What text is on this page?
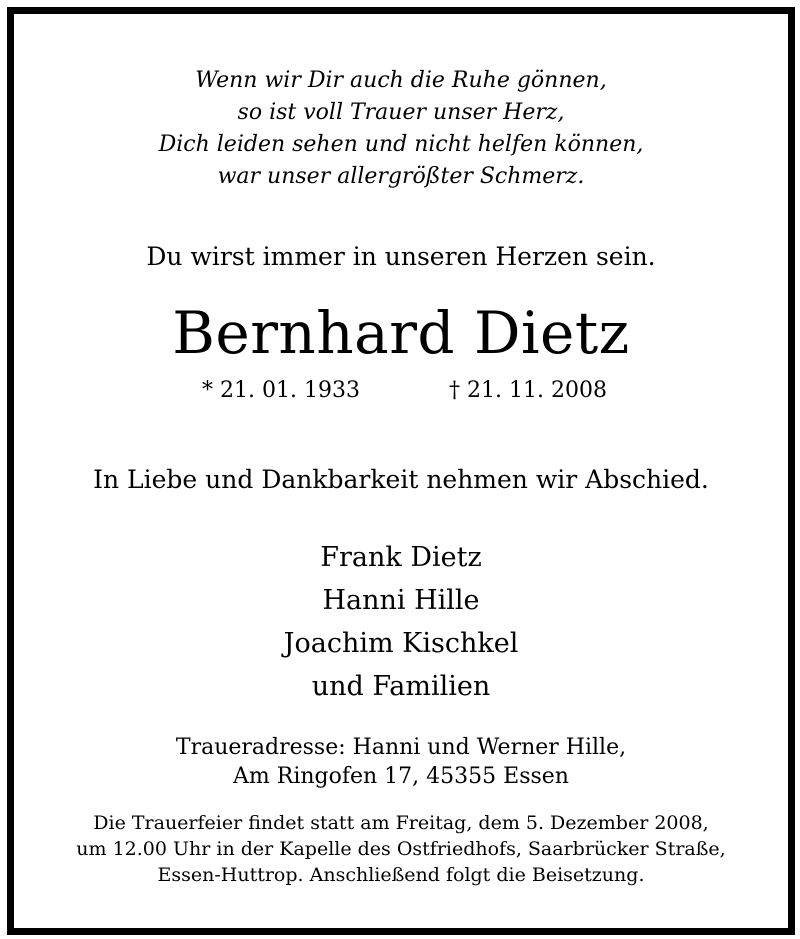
Wenn wir Dir auch die Ruhe gönnen,
so ist voll Trauer unser Herz,
Dich leiden sehen und nicht helfen können,
war unser allergrößter Schmerz.

Du wirst immer in unseren Herzen sein.

Bernhard Dietz

* 21. 01. 1933	† 21. 11. 2008

In Liebe und Dankbarkeit nehmen wir Abschied.

Frank Dietz
Hanni Hille
Joachim Kischkel
und Familien
Traueradresse: Hanni und Werner Hille,
Am Ringofen 17, 45355 Essen
Die Trauerfeier findet statt am Freitag, dem 5. Dezember 2008,
um 12.00 Uhr in der Kapelle des Ostfriedhofs, Saarbrücker Straße,
Essen-Huttrop. Anschließend folgt die Beisetzung.
